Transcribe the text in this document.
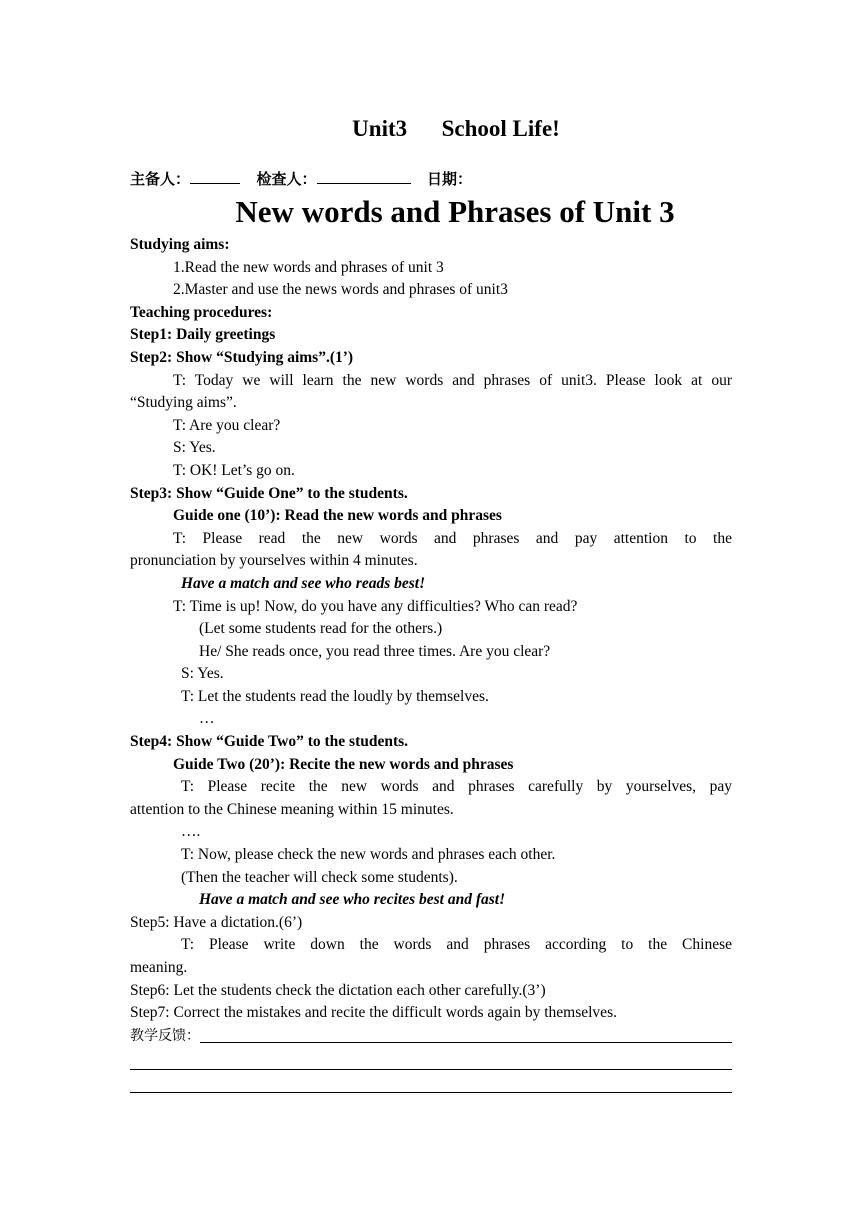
Unit3      School Life!
主备人：	检查人：	日期：
New words and Phrases of Unit 3
Studying aims:
1.Read the new words and phrases of unit 3
2.Master and use the news words and phrases of unit3
Teaching procedures:
Step1: Daily greetings
Step2: Show “Studying aims”.(1’)
T: Today we will learn the new words and phrases of unit3. Please look at our
“Studying aims”.
T: Are you clear?
S: Yes.
T: OK! Let’s go on.
Step3: Show “Guide One” to the students.
Guide one (10’): Read the new words and phrases
T: Please read the new words and phrases and pay attention to the
pronunciation by yourselves within 4 minutes.
Have a match and see who reads best!
T: Time is up! Now, do you have any difficulties? Who can read?
(Let some students read for the others.)
He/ She reads once, you read three times. Are you clear?
S: Yes.
T: Let the students read the loudly by themselves.
…
Step4: Show “Guide Two” to the students.
Guide Two (20’): Recite the new words and phrases
T: Please recite the new words and phrases carefully by yourselves, pay
attention to the Chinese meaning within 15 minutes.
….
T: Now, please check the new words and phrases each other.
(Then the teacher will check some students).
Have a match and see who recites best and fast!
Step5: Have a dictation.(6’)
T: Please write down the words and phrases according to the Chinese
meaning.
Step6: Let the students check the dictation each other carefully.(3’)
Step7: Correct the mistakes and recite the difficult words again by themselves.
教学反馈：
